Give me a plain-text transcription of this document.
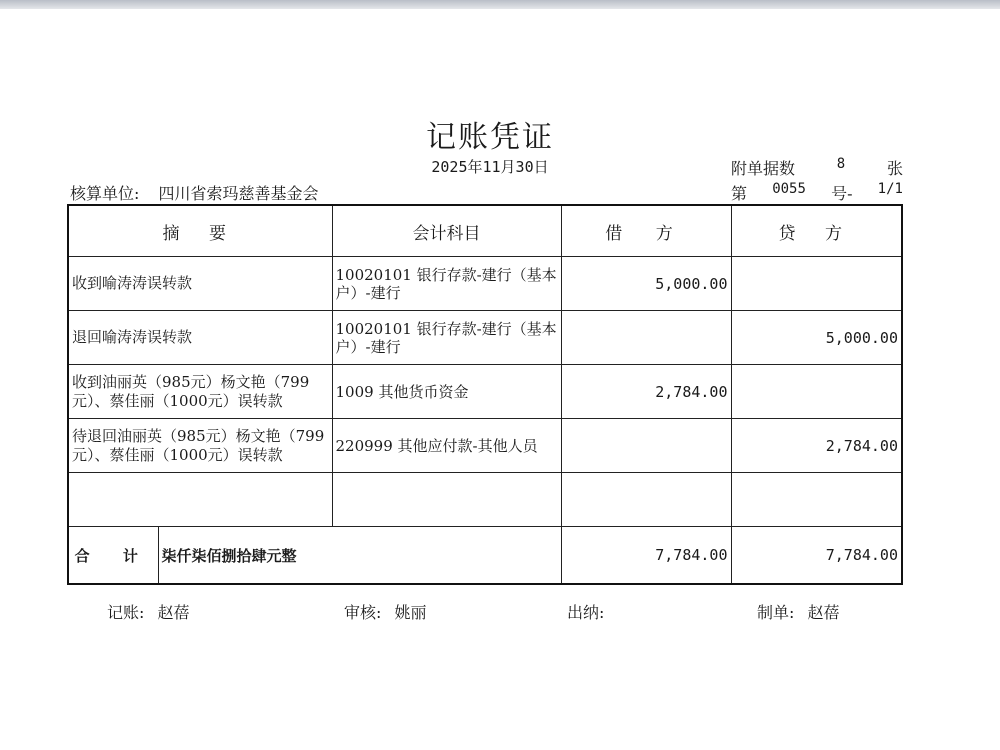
记账凭证
2025年11月30日	附单据数	8	张
核算单位: 四川省索玛慈善基金会	第 0055 号- 1/1
摘 要		会计科目	借 方	贷 方
收到喻涛涛误转款		10020101 银行存款-建行（基本户）-建行	5,000.00	
退回喻涛涛误转款		10020101 银行存款-建行（基本户）-建行		5,000.00
收到油丽英（985元）杨文艳（799元）、蔡佳丽（1000元）误转款		1009 其他货币资金	2,784.00	
待退回油丽英（985元）杨文艳（799元）、蔡佳丽（1000元）误转款		220999 其他应付款-其他人员		2,784.00

合 计	柒仟柒佰捌拾肆元整		7,784.00	7,784.00
记账: 赵蓓	审核: 姚丽	出纳:	制单: 赵蓓
